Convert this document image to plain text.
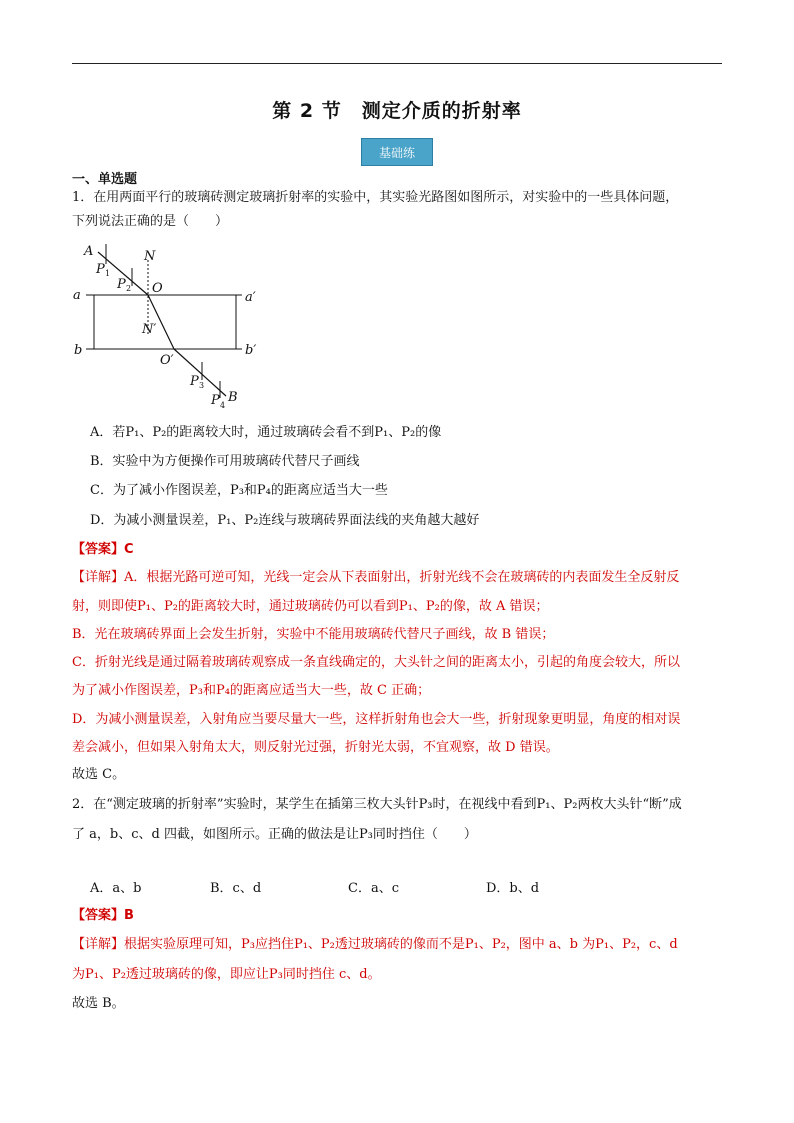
第 2 节　测定介质的折射率
基础练
一、单选题
1．在用两面平行的玻璃砖测定玻璃折射率的实验中，其实验光路图如图所示，对实验中的一些具体问题，
下列说法正确的是（　　）
A
P 1
N
P 2 O
a	a′
N′
b	b′
O′
P 3
B
P 4
A．若P₁、P₂的距离较大时，通过玻璃砖会看不到P₁、P₂的像
B．实验中为方便操作可用玻璃砖代替尺子画线
C．为了减小作图误差，P₃和P₄的距离应适当大一些
D．为减小测量误差，P₁、P₂连线与玻璃砖界面法线的夹角越大越好
【答案】C
【详解】A．根据光路可逆可知，光线一定会从下表面射出，折射光线不会在玻璃砖的内表面发生全反射反
射，则即使P₁、P₂的距离较大时，通过玻璃砖仍可以看到P₁、P₂的像，故 A 错误；
B．光在玻璃砖界面上会发生折射，实验中不能用玻璃砖代替尺子画线，故 B 错误；
C．折射光线是通过隔着玻璃砖观察成一条直线确定的，大头针之间的距离太小，引起的角度会较大，所以
为了减小作图误差，P₃和P₄的距离应适当大一些，故 C 正确；
D．为减小测量误差，入射角应当要尽量大一些，这样折射角也会大一些，折射现象更明显，角度的相对误
差会减小，但如果入射角太大，则反射光过强，折射光太弱，不宜观察，故 D 错误。
故选 C。
2．在“测定玻璃的折射率”实验时，某学生在插第三枚大头针P₃时，在视线中看到P₁、P₂两枚大头针“断”成
了 a，b、c、d 四截，如图所示。正确的做法是让P₃同时挡住（　　）
A．a、b	B．c、d	C．a、c	D．b、d
【答案】B
【详解】根据实验原理可知，P₃应挡住P₁、P₂透过玻璃砖的像而不是P₁、P₂，图中 a、b 为P₁、P₂，c、d
为P₁、P₂透过玻璃砖的像，即应让P₃同时挡住 c、d。
故选 B。
